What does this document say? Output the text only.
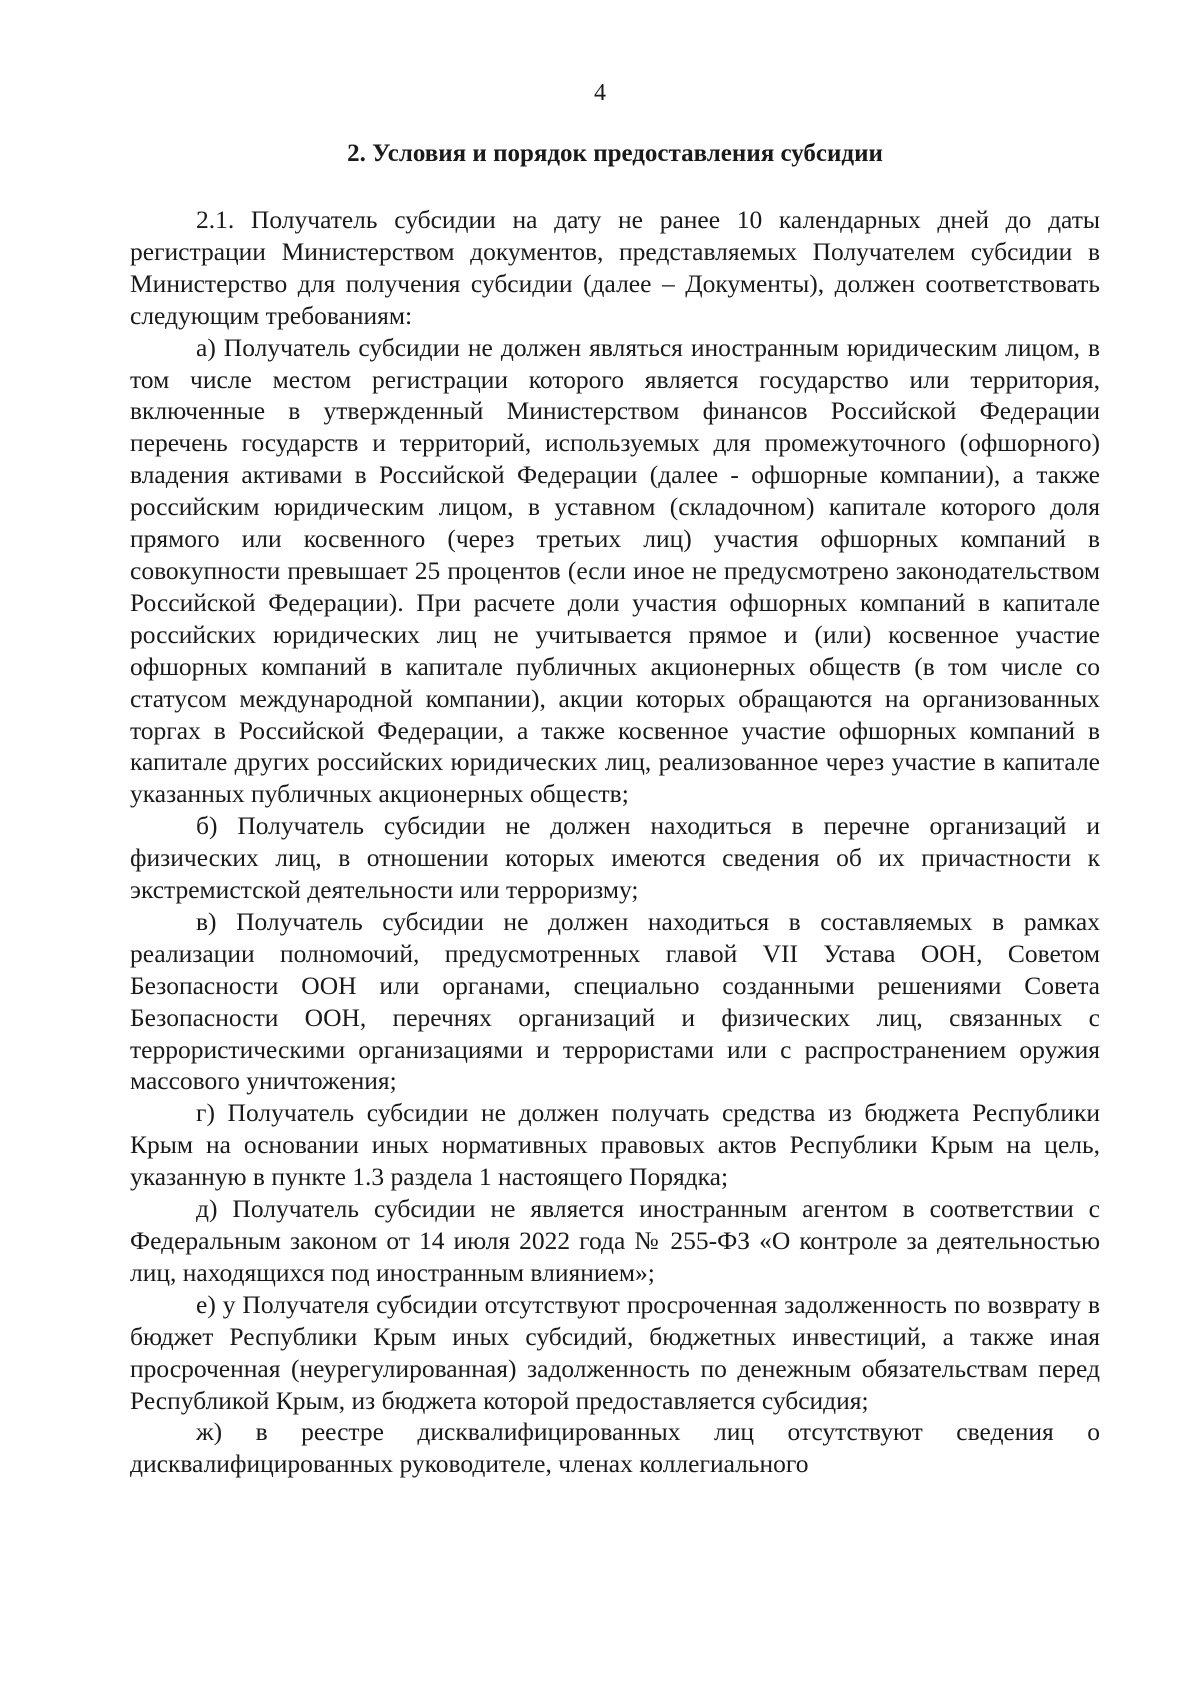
4
2. Условия и порядок предоставления субсидии

2.1. Получатель субсидии на дату не ранее 10 календарных дней до даты регистрации Министерством документов, представляемых Получателем субсидии в Министерство для получения субсидии (далее – Документы), должен соответствовать следующим требованиям:

а) Получатель субсидии не должен являться иностранным юридическим лицом, в том числе местом регистрации которого является государство или территория, включенные в утвержденный Министерством финансов Российской Федерации перечень государств и территорий, используемых для промежуточного (офшорного) владения активами в Российской Федерации (далее - офшорные компании), а также российским юридическим лицом, в уставном (складочном) капитале которого доля прямого или косвенного (через третьих лиц) участия офшорных компаний в совокупности превышает 25 процентов (если иное не предусмотрено законодательством Российской Федерации). При расчете доли участия офшорных компаний в капитале российских юридических лиц не учитывается прямое и (или) косвенное участие офшорных компаний в капитале публичных акционерных обществ (в том числе со статусом международной компании), акции которых обращаются на организованных торгах в Российской Федерации, а также косвенное участие офшорных компаний в капитале других российских юридических лиц, реализованное через участие в капитале указанных публичных акционерных обществ;

б) Получатель субсидии не должен находиться в перечне организаций и физических лиц, в отношении которых имеются сведения об их причастности к экстремистской деятельности или терроризму;

в) Получатель субсидии не должен находиться в составляемых в рамках реализации полномочий, предусмотренных главой VII Устава ООН, Советом Безопасности ООН или органами, специально созданными решениями Совета Безопасности ООН, перечнях организаций и физических лиц, связанных с террористическими организациями и террористами или с распространением оружия массового уничтожения;

г) Получатель субсидии не должен получать средства из бюджета Республики Крым на основании иных нормативных правовых актов Республики Крым на цель, указанную в пункте 1.3 раздела 1 настоящего Порядка;

д) Получатель субсидии не является иностранным агентом в соответствии с Федеральным законом от 14 июля 2022 года № 255-ФЗ «О контроле за деятельностью лиц, находящихся под иностранным влиянием»;

е) у Получателя субсидии отсутствуют просроченная задолженность по возврату в бюджет Республики Крым иных субсидий, бюджетных инвестиций, а также иная просроченная (неурегулированная) задолженность по денежным обязательствам перед Республикой Крым, из бюджета которой предоставляется субсидия;

ж) в реестре дисквалифицированных лиц отсутствуют сведения о дисквалифицированных руководителе, членах коллегиального
